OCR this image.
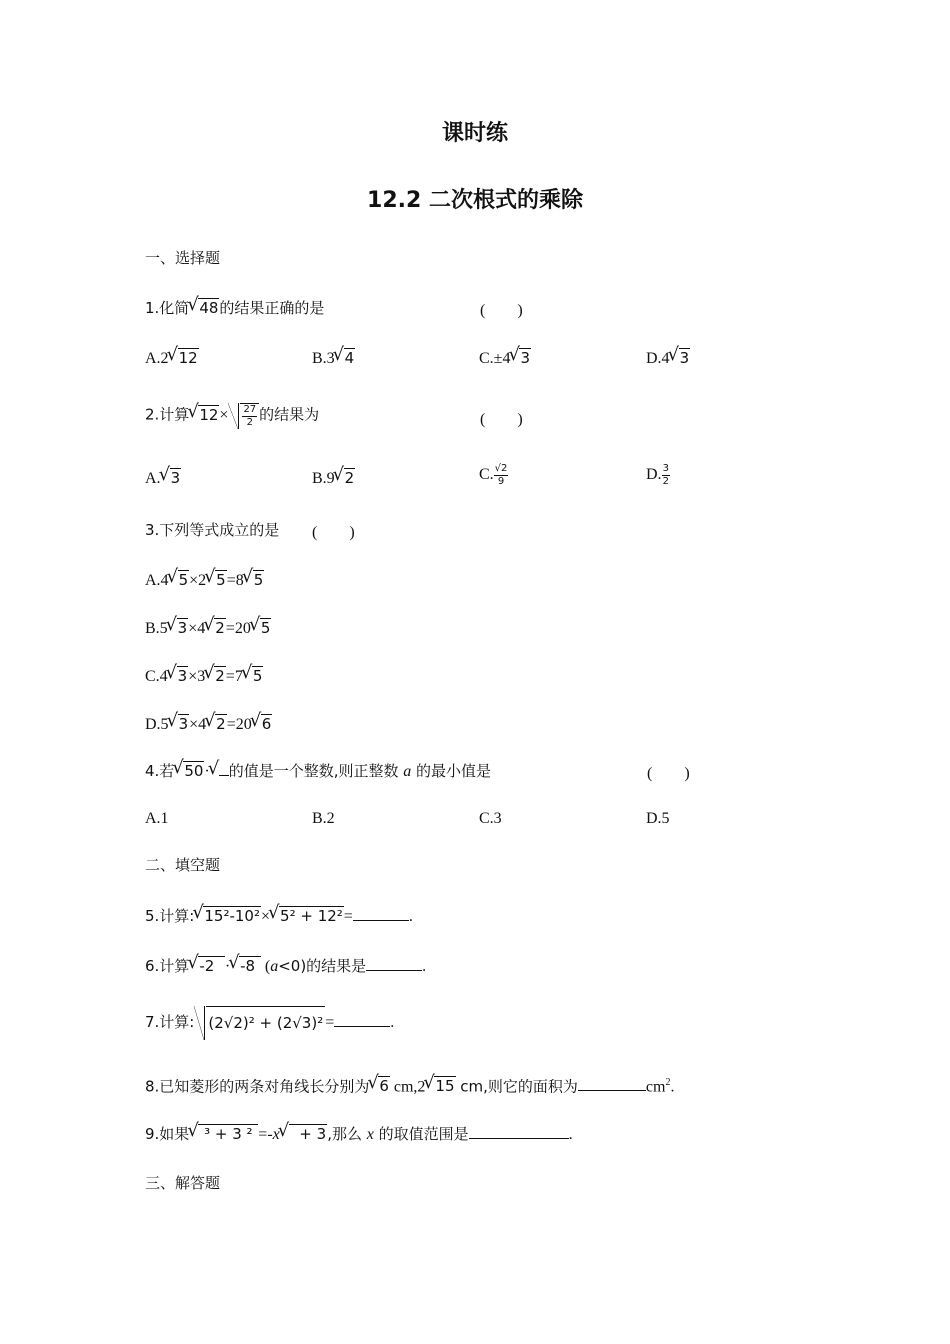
课时练
12.2 二次根式的乘除
一、选择题
1.化简 √ 48的结果正确的是	(　　)
A.2 √ 12	B.3 √ 4	C.±4 √ 3	D.4 √ 3
2.计算 √ $12\times \frac{27}{2}$ 的结果为	(　　)
A. √ 3	B.9 √ 2	C. $\frac{√2}{9}$	D. $\frac{3}{2}$
3.下列等式成立的是 (　　)
A.4 √ 5×2 √ 5=8 √ 5
B.5 √ 3×4 √ 2=20 √ 5
C.4 √ 3×3 √ 2=7 √ 5
D.5 √ 3×4 √ 2=20 √ 6
4.若 √ 50· √ 的值是一个整数,则正整数 a 的最小值是	(　　)
A.1	B.2	C.3	D.5
二、填空题
5.计算: √ 15²-10²× √ 5² + 12²=	.
6.计算 √ -2  · √ -8  (a<0)的结果是	.
7.计算: (2√2)² + (2√3)² =	.
8.已知菱形的两条对角线长分别为 √ 6 cm,2 √ 15 cm,则它的面积为	$cm^2$.
9.如果√  ³ + 3 ² =-x√   + 3,那么 x 的取值范围是	.
三、解答题
